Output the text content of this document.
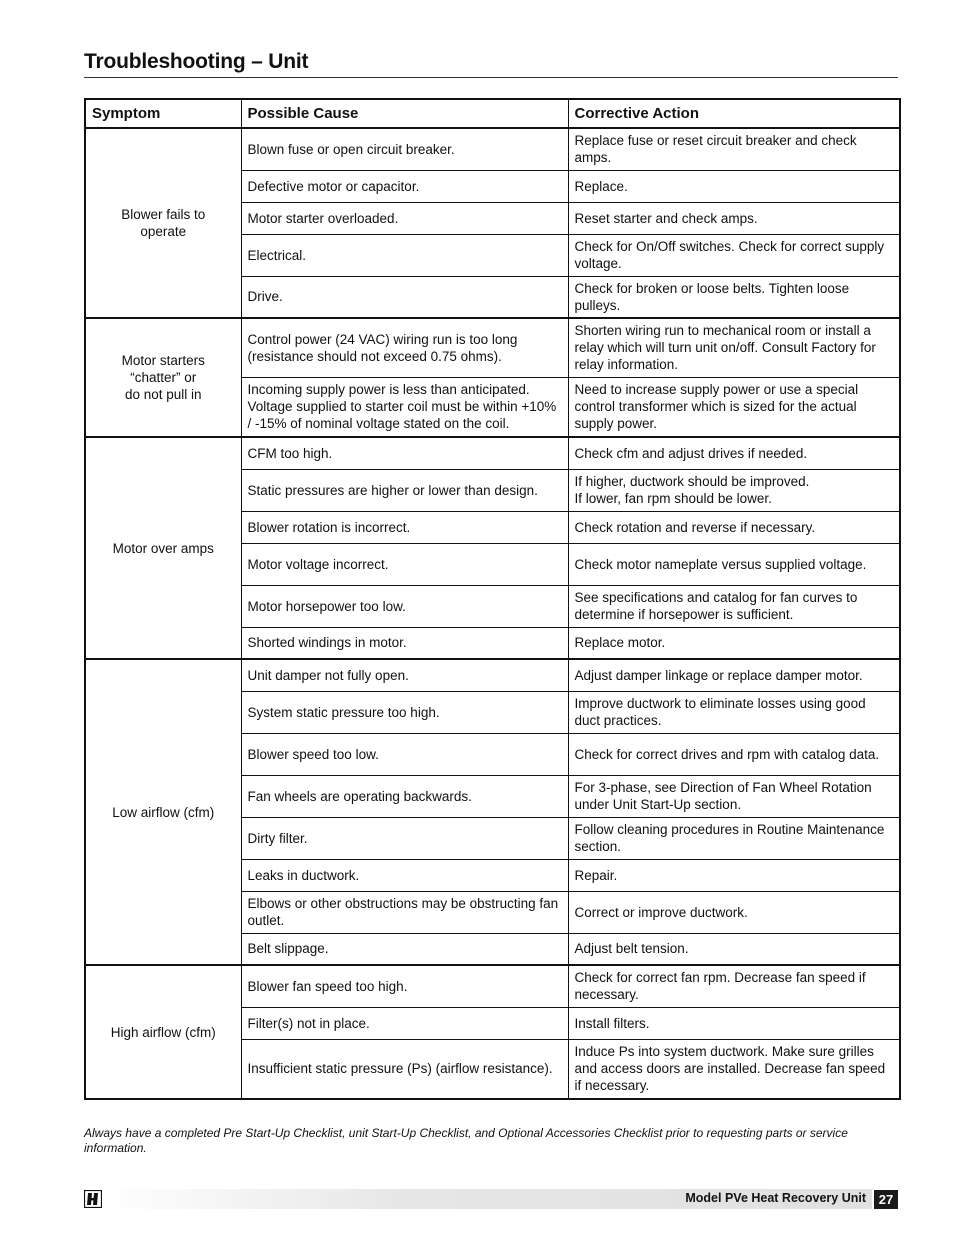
Troubleshooting – Unit
Symptom	Possible Cause	Corrective Action

Blower fails to
operate	Blown fuse or open circuit breaker.	Replace fuse or reset circuit breaker and check amps.

	Defective motor or capacitor.	Replace.

	Motor starter overloaded.	Reset starter and check amps.

	Electrical.	Check for On/Off switches. Check for correct supply voltage.

	Drive.	Check for broken or loose belts. Tighten loose pulleys.

Motor starters
“chatter” or
do not pull in	Control power (24 VAC) wiring run is too long (resistance should not exceed 0.75 ohms).	Shorten wiring run to mechanical room or install a relay which will turn unit on/off. Consult Factory for relay information.

	Incoming supply power is less than anticipated. Voltage supplied to starter coil must be within +10% / -15% of nominal voltage stated on the coil.	Need to increase supply power or use a special control transformer which is sized for the actual supply power.

Motor over amps	CFM too high.	Check cfm and adjust drives if needed.

	Static pressures are higher or lower than design.	If higher, ductwork should be improved.
If lower, fan rpm should be lower.

	Blower rotation is incorrect.	Check rotation and reverse if necessary.

	Motor voltage incorrect.	Check motor nameplate versus supplied voltage.

	Motor horsepower too low.	See specifications and catalog for fan curves to determine if horsepower is sufficient.

	Shorted windings in motor.	Replace motor.

Low airflow (cfm)	Unit damper not fully open.	Adjust damper linkage or replace damper motor.

	System static pressure too high.	Improve ductwork to eliminate losses using good duct practices.

	Blower speed too low.	Check for correct drives and rpm with catalog data.

	Fan wheels are operating backwards.	For 3-phase, see Direction of Fan Wheel Rotation under Unit Start-Up section.

	Dirty filter.	Follow cleaning procedures in Routine Maintenance section.

	Leaks in ductwork.	Repair.

	Elbows or other obstructions may be obstructing fan outlet.	Correct or improve ductwork.

	Belt slippage.	Adjust belt tension.

High airflow (cfm)	Blower fan speed too high.	Check for correct fan rpm. Decrease fan speed if necessary.

	Filter(s) not in place.	Install filters.

	Insufficient static pressure (Ps) (airflow resistance).	Induce Ps into system ductwork. Make sure grilles and access doors are installed. Decrease fan speed if necessary.
Always have a completed Pre Start-Up Checklist, unit Start-Up Checklist, and Optional Accessories Checklist prior to requesting parts or service information.
Model PVe Heat Recovery Unit 27
